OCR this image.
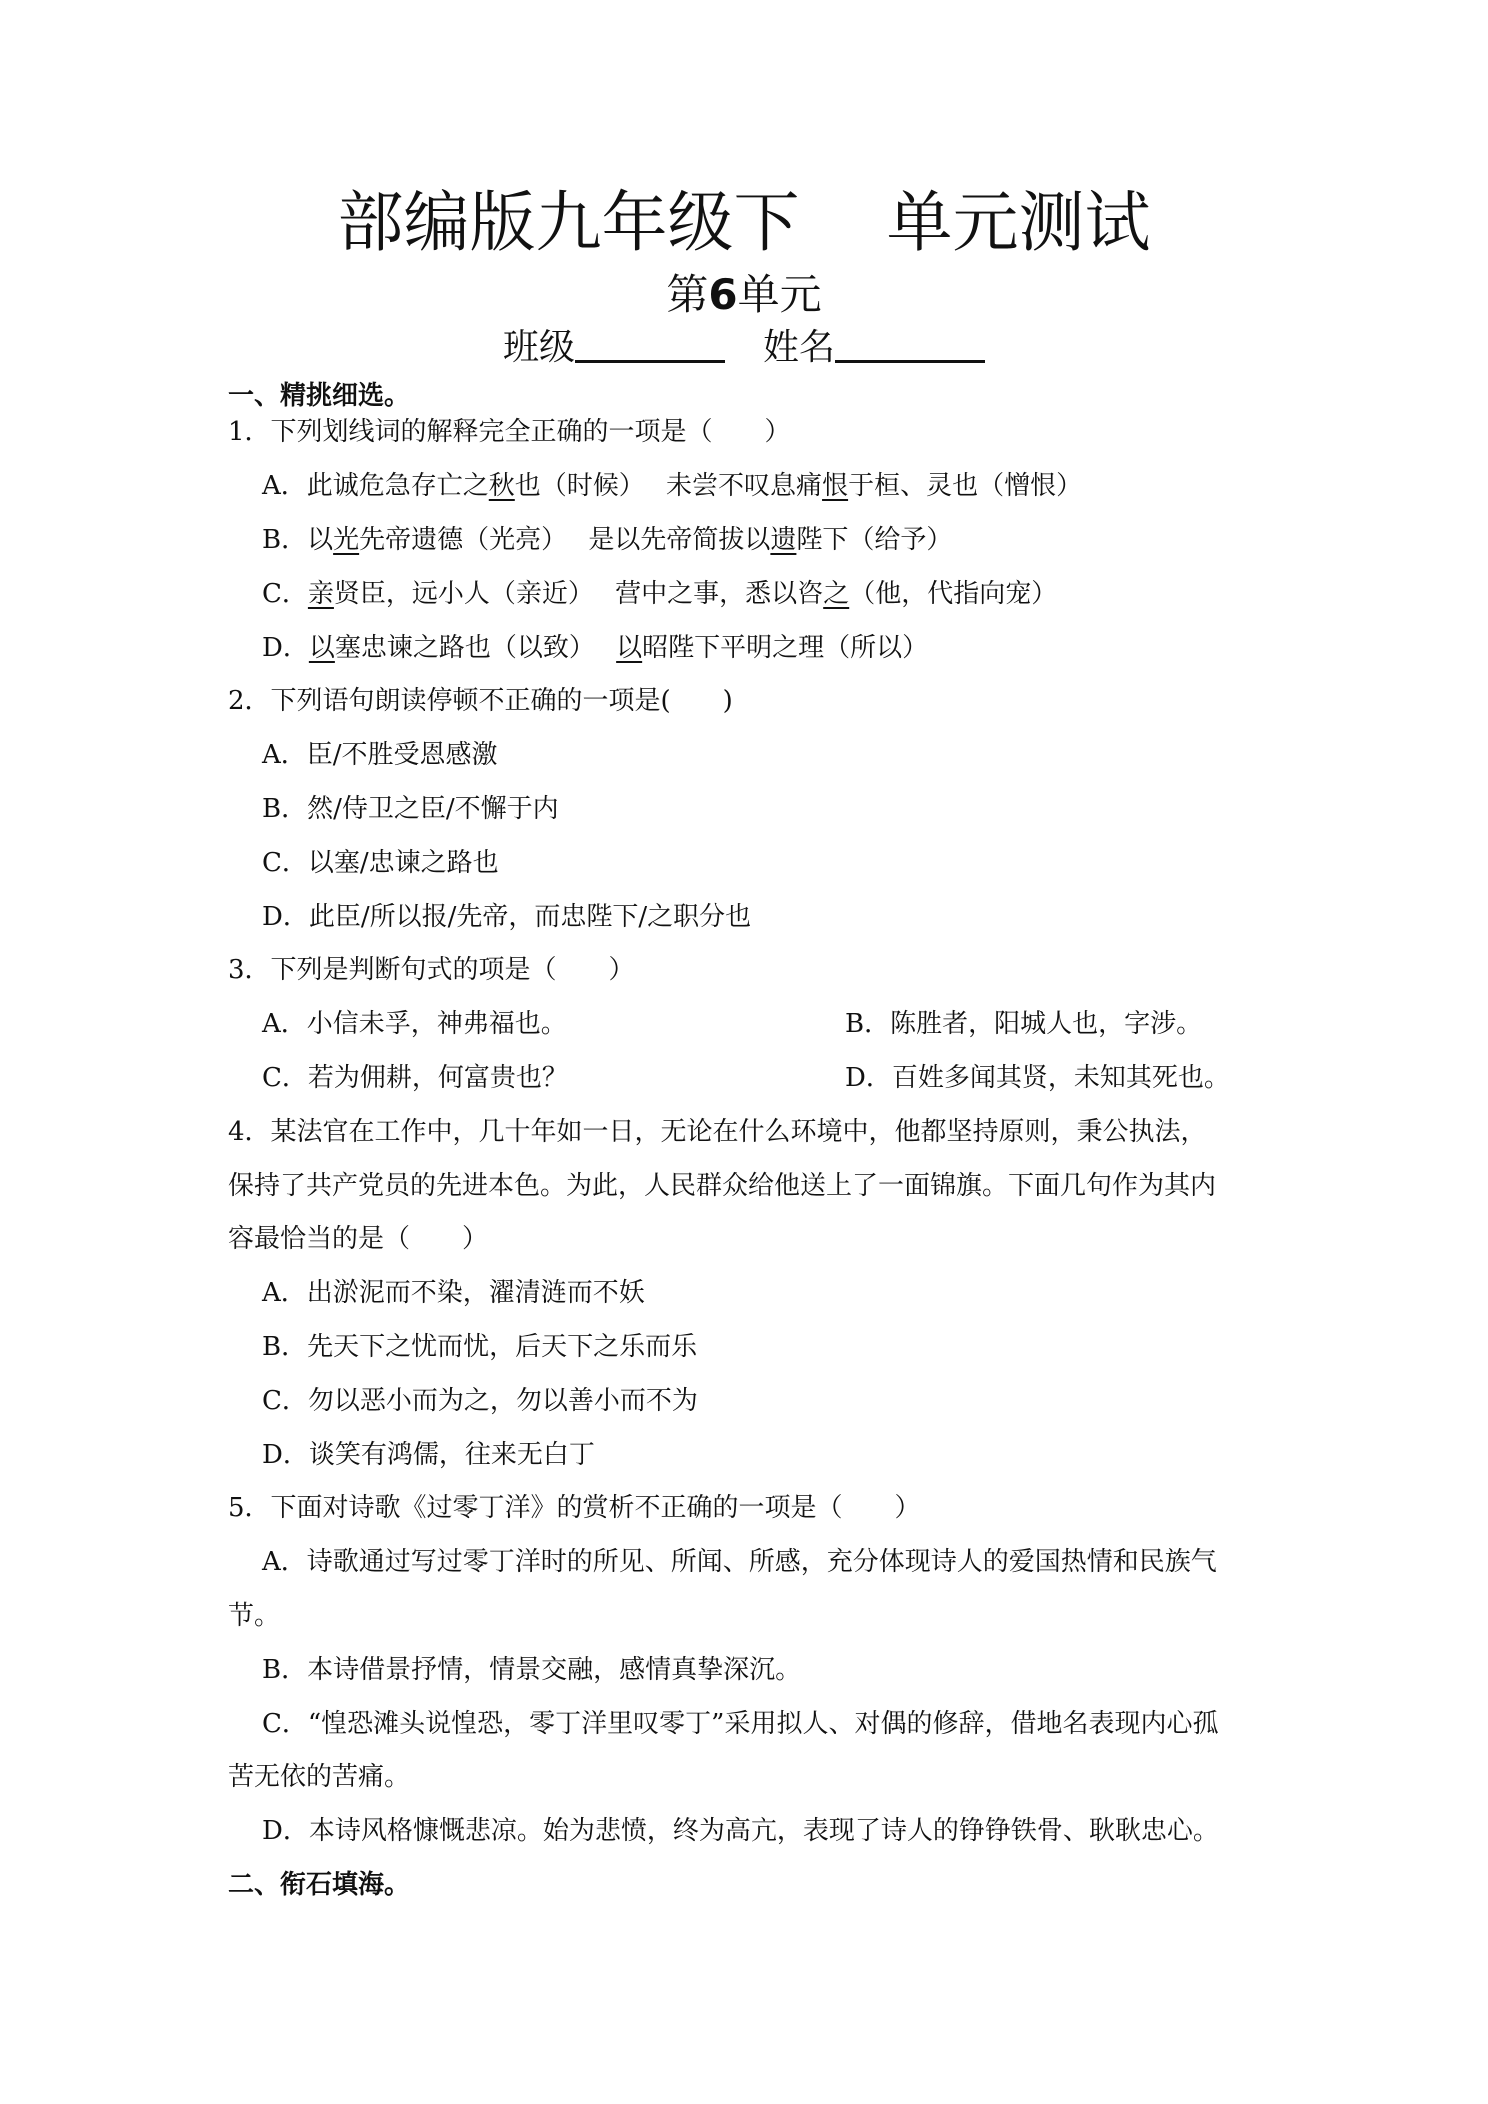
部编版九年级下　 单元测试
第6单元
班级	姓名
一、精挑细选。
1．下列划线词的解释完全正确的一项是（　　）
A．此诚危急存亡之秋也（时候）　 未尝不叹息痛恨于桓、灵也（憎恨）
B．以光先帝遗德（光亮）　 是以先帝简拔以遗陛下（给予）
C．亲贤臣，远小人（亲近）　 营中之事，悉以咨之（他，代指向宠）
D．以塞忠谏之路也（以致）　 以昭陛下平明之理（所以）
2．下列语句朗读停顿不正确的一项是(　　)
A．臣/不胜受恩感激
B．然/侍卫之臣/不懈于内
C．以塞/忠谏之路也
D．此臣/所以报/先帝，而忠陛下/之职分也
3．下列是判断句式的项是（　　）
A．小信未孚，神弗福也。	B．陈胜者，阳城人也，字涉。
C．若为佣耕，何富贵也？	D．百姓多闻其贤，未知其死也。
4．某法官在工作中，几十年如一日，无论在什么环境中，他都坚持原则，秉公执法，
保持了共产党员的先进本色。为此，人民群众给他送上了一面锦旗。下面几句作为其内
容最恰当的是（　　）
A．出淤泥而不染，濯清涟而不妖
B．先天下之忧而忧，后天下之乐而乐
C．勿以恶小而为之，勿以善小而不为
D．谈笑有鸿儒，往来无白丁
5．下面对诗歌《过零丁洋》的赏析不正确的一项是（　　）
A．诗歌通过写过零丁洋时的所见、所闻、所感，充分体现诗人的爱国热情和民族气
节。
B．本诗借景抒情，情景交融，感情真挚深沉。
C．“惶恐滩头说惶恐，零丁洋里叹零丁”采用拟人、对偶的修辞，借地名表现内心孤
苦无依的苦痛。
D．本诗风格慷慨悲凉。始为悲愤，终为高亢，表现了诗人的铮铮铁骨、耿耿忠心。
二、衔石填海。
